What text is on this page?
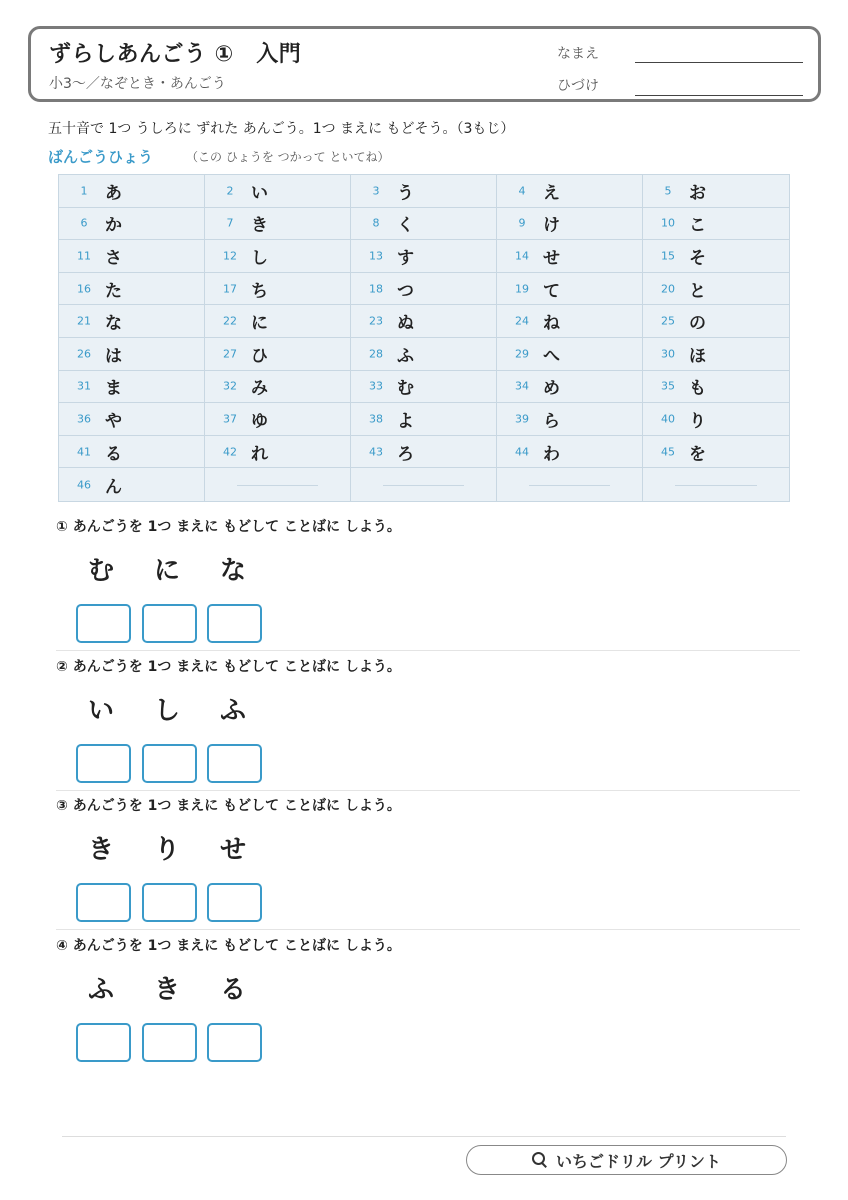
ずらしあんごう ①　入門
小3〜／なぞとき・あんごう
なまえ
ひづけ
五十音で 1つ うしろに ずれた あんごう。1つ まえに もどそう。（3もじ）
ばんごうひょう	（この ひょうを つかって といてね）
1	あ	2	い	3	う	4	え	5	お
6	か	7	き	8	く	9	け	10 こ
11 さ	12 し	13 す	14 せ	15 そ
16 た	17 ち	18 つ	19 て	20 と
21 な	22 に	23 ぬ	24 ね	25 の
26 は	27 ひ	28 ふ	29 へ	30 ほ
31 ま	32 み	33 む	34 め	35 も
36 や	37 ゆ	38 よ	39 ら	40 り
41 る	42 れ	43 ろ	44 わ	45 を
46 ん
① あんごうを 1つ まえに もどして ことばに しよう。
む に な
② あんごうを 1つ まえに もどして ことばに しよう。
い し ふ
③ あんごうを 1つ まえに もどして ことばに しよう。
き り せ
④ あんごうを 1つ まえに もどして ことばに しよう。
ふ き る
いちごドリル プリント
